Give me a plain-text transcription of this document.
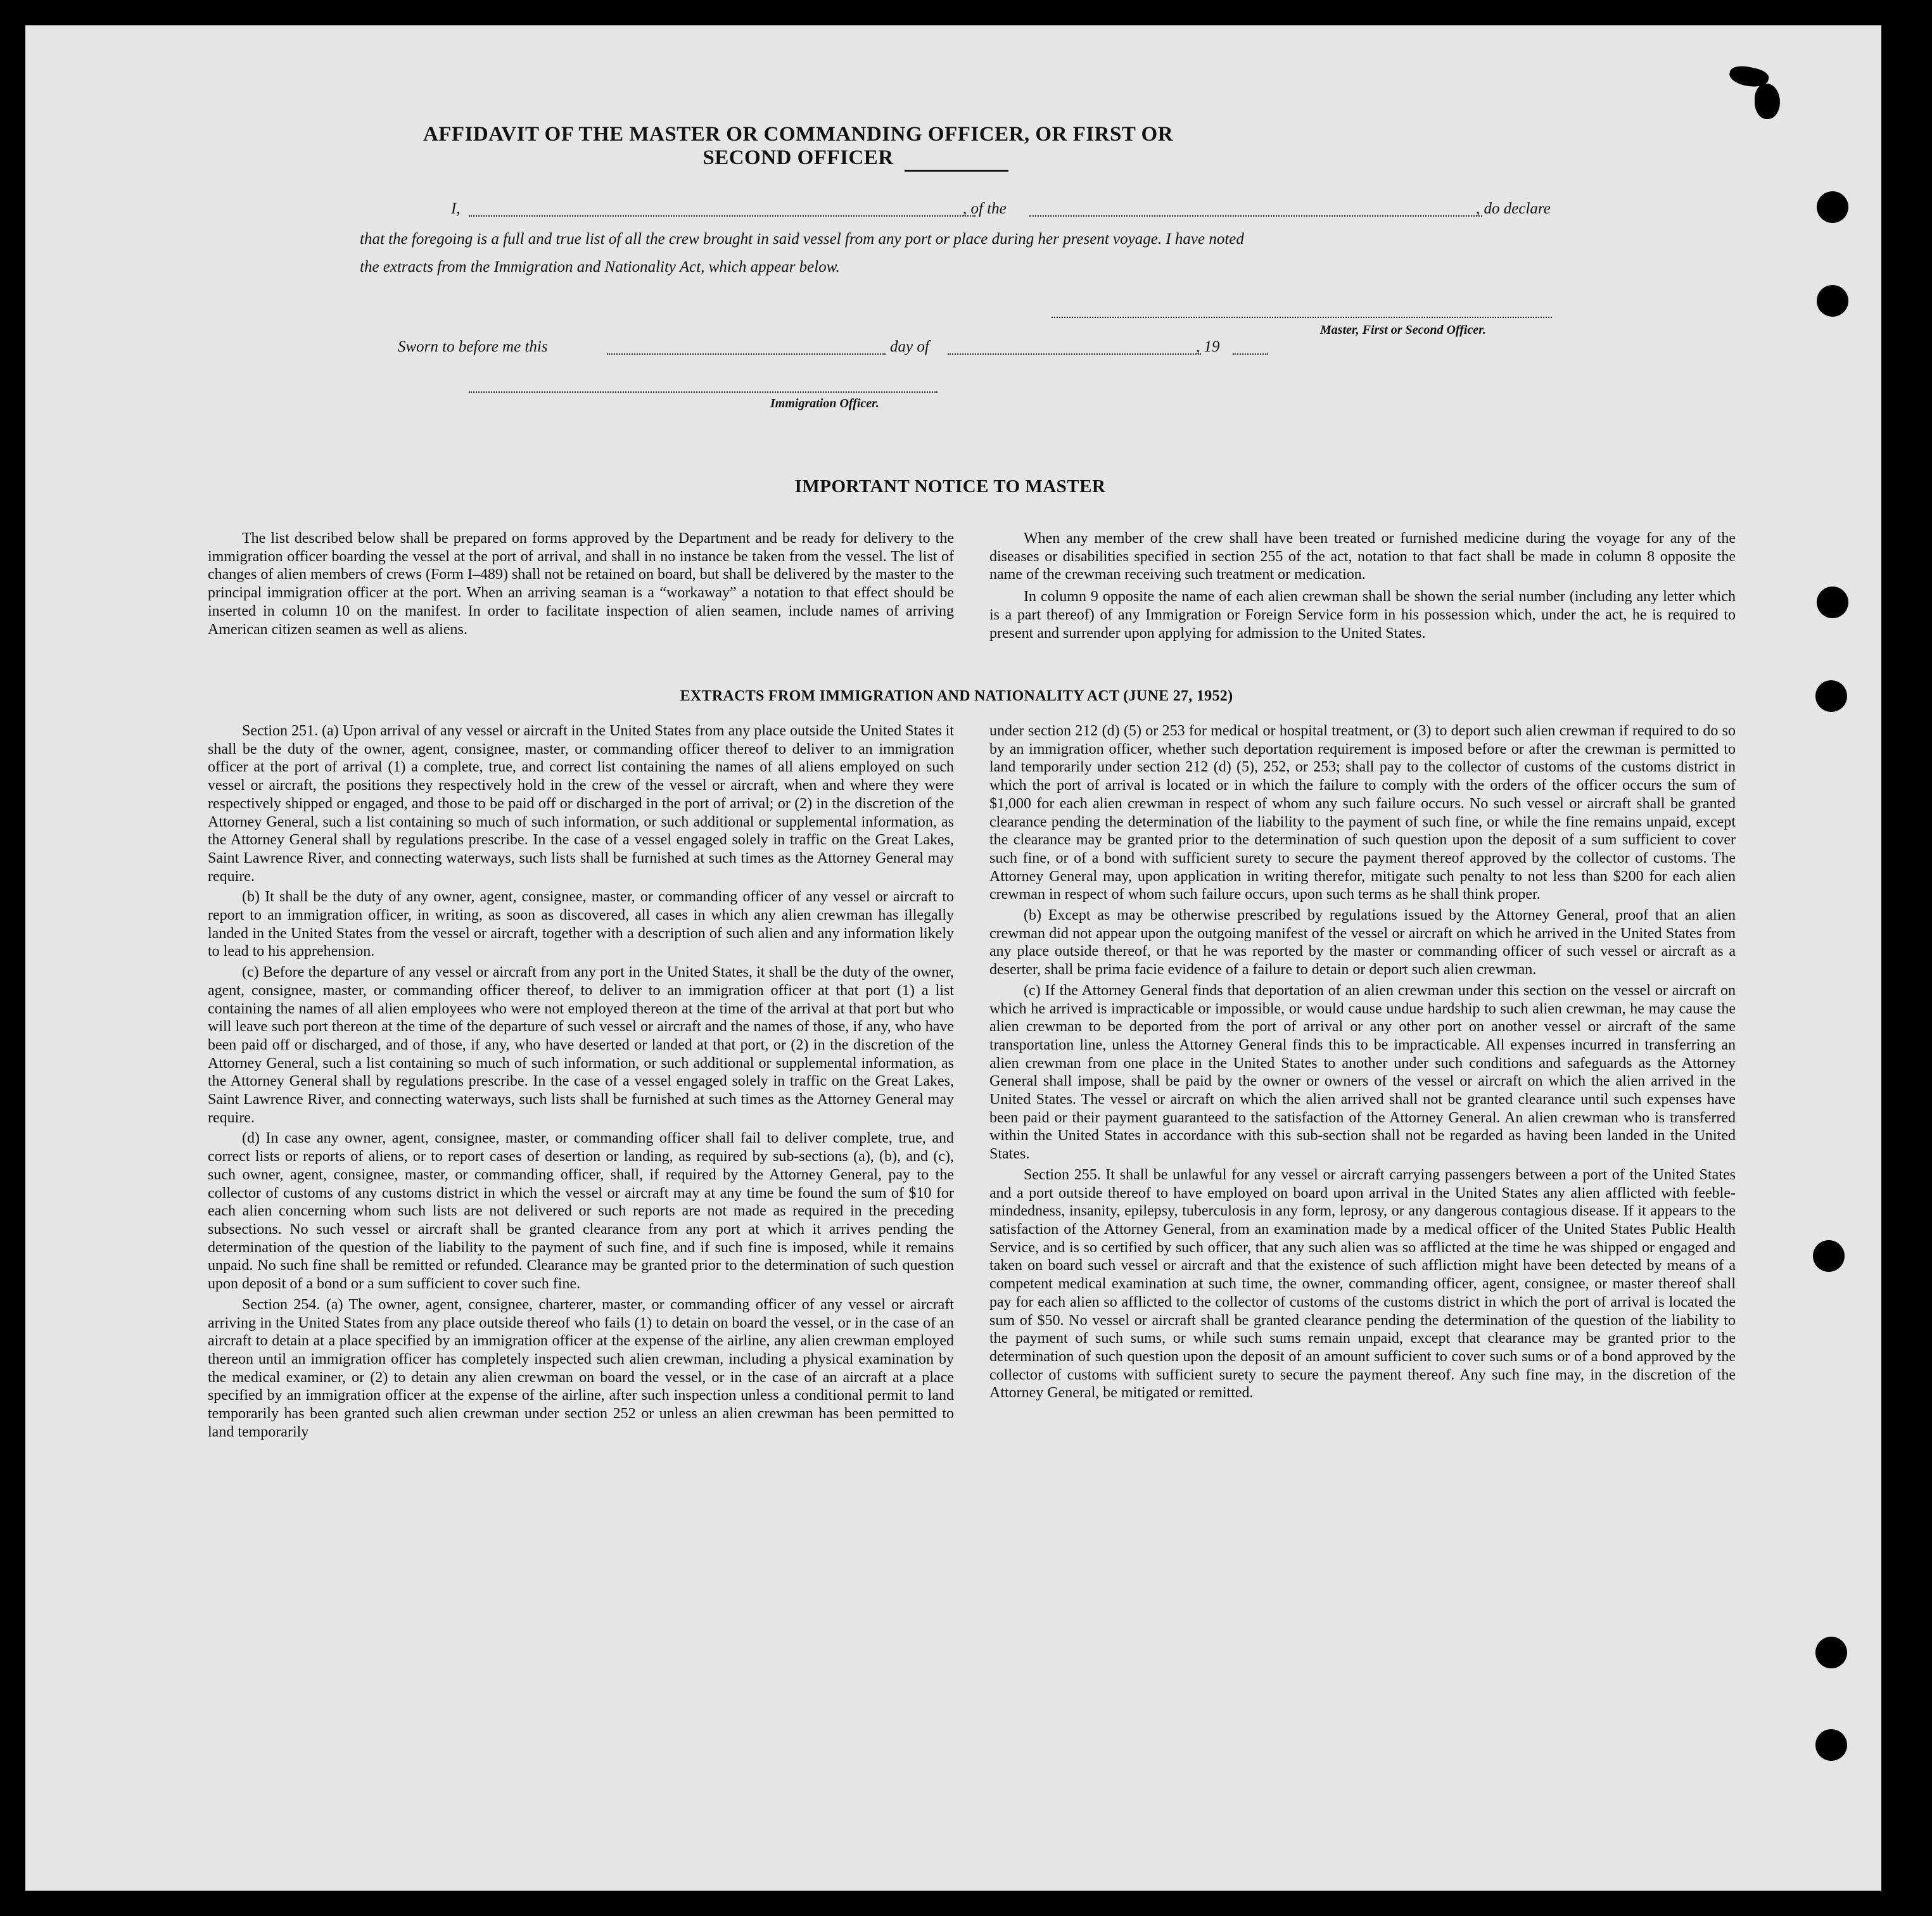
AFFIDAVIT OF THE MASTER OR COMMANDING OFFICER, OR FIRST OR SECOND OFFICER
I,	, of the	, do declare
that the foregoing is a full and true list of all the crew brought in said vessel from any port or place during her present voyage. I have noted
the extracts from the Immigration and Nationality Act, which appear below.
Master, First or Second Officer.
Sworn to before me this	day of	, 19
Immigration Officer.
IMPORTANT NOTICE TO MASTER

The list described below shall be prepared on forms approved by the Department and be ready for delivery to the immigration officer boarding the vessel at the port of arrival, and shall in no instance be taken from the vessel. The list of changes of alien members of crews (Form I–489) shall not be retained on board, but shall be delivered by the master to the principal immigration officer at the port. When an arriving seaman is a “workaway” a notation to that effect should be inserted in column 10 on the manifest. In order to facilitate inspection of alien seamen, include names of arriving American citizen seamen as well as aliens.

When any member of the crew shall have been treated or furnished medicine during the voyage for any of the diseases or disabilities specified in section 255 of the act, notation to that fact shall be made in column 8 opposite the name of the crewman receiving such treatment or medication.

In column 9 opposite the name of each alien crewman shall be shown the serial number (including any letter which is a part thereof) of any Immigration or Foreign Service form in his possession which, under the act, he is required to present and surrender upon applying for admission to the United States.

EXTRACTS FROM IMMIGRATION AND NATIONALITY ACT (JUNE 27, 1952)

Section 251. (a) Upon arrival of any vessel or aircraft in the United States from any place outside the United States it shall be the duty of the owner, agent, consignee, master, or commanding officer thereof to deliver to an immigration officer at the port of arrival (1) a complete, true, and correct list containing the names of all aliens employed on such vessel or aircraft, the positions they respectively hold in the crew of the vessel or aircraft, when and where they were respectively shipped or engaged, and those to be paid off or discharged in the port of arrival; or (2) in the discretion of the Attorney General, such a list containing so much of such information, or such additional or supplemental information, as the Attorney General shall by regulations prescribe. In the case of a vessel engaged solely in traffic on the Great Lakes, Saint Lawrence River, and connecting waterways, such lists shall be furnished at such times as the Attorney General may require.

(b) It shall be the duty of any owner, agent, consignee, master, or commanding officer of any vessel or aircraft to report to an immigration officer, in writing, as soon as discovered, all cases in which any alien crewman has illegally landed in the United States from the vessel or aircraft, together with a description of such alien and any information likely to lead to his apprehension.

(c) Before the departure of any vessel or aircraft from any port in the United States, it shall be the duty of the owner, agent, consignee, master, or commanding officer thereof, to deliver to an immigration officer at that port (1) a list containing the names of all alien employees who were not employed thereon at the time of the arrival at that port but who will leave such port thereon at the time of the departure of such vessel or aircraft and the names of those, if any, who have been paid off or discharged, and of those, if any, who have deserted or landed at that port, or (2) in the discretion of the Attorney General, such a list containing so much of such information, or such additional or supplemental information, as the Attorney General shall by regulations prescribe. In the case of a vessel engaged solely in traffic on the Great Lakes, Saint Lawrence River, and connecting waterways, such lists shall be furnished at such times as the Attorney General may require.

(d) In case any owner, agent, consignee, master, or commanding officer shall fail to deliver complete, true, and correct lists or reports of aliens, or to report cases of desertion or landing, as required by sub-sections (a), (b), and (c), such owner, agent, consignee, master, or commanding officer, shall, if required by the Attorney General, pay to the collector of customs of any customs district in which the vessel or aircraft may at any time be found the sum of $10 for each alien concerning whom such lists are not delivered or such reports are not made as required in the preceding subsections. No such vessel or aircraft shall be granted clearance from any port at which it arrives pending the determination of the question of the liability to the payment of such fine, and if such fine is imposed, while it remains unpaid. No such fine shall be remitted or refunded. Clearance may be granted prior to the determination of such question upon deposit of a bond or a sum sufficient to cover such fine.

Section 254. (a) The owner, agent, consignee, charterer, master, or commanding officer of any vessel or aircraft arriving in the United States from any place outside thereof who fails (1) to detain on board the vessel, or in the case of an aircraft to detain at a place specified by an immigration officer at the expense of the airline, any alien crewman employed thereon until an immigration officer has completely inspected such alien crewman, including a physical examination by the medical examiner, or (2) to detain any alien crewman on board the vessel, or in the case of an aircraft at a place specified by an immigration officer at the expense of the airline, after such inspection unless a conditional permit to land temporarily has been granted such alien crewman under section 252 or unless an alien crewman has been permitted to land temporarily

under section 212 (d) (5) or 253 for medical or hospital treatment, or (3) to deport such alien crewman if required to do so by an immigration officer, whether such deportation requirement is imposed before or after the crewman is permitted to land temporarily under section 212 (d) (5), 252, or 253; shall pay to the collector of customs of the customs district in which the port of arrival is located or in which the failure to comply with the orders of the officer occurs the sum of $1,000 for each alien crewman in respect of whom any such failure occurs. No such vessel or aircraft shall be granted clearance pending the determination of the liability to the payment of such fine, or while the fine remains unpaid, except the clearance may be granted prior to the determination of such question upon the deposit of a sum sufficient to cover such fine, or of a bond with sufficient surety to secure the payment thereof approved by the collector of customs. The Attorney General may, upon application in writing therefor, mitigate such penalty to not less than $200 for each alien crewman in respect of whom such failure occurs, upon such terms as he shall think proper.

(b) Except as may be otherwise prescribed by regulations issued by the Attorney General, proof that an alien crewman did not appear upon the outgoing manifest of the vessel or aircraft on which he arrived in the United States from any place outside thereof, or that he was reported by the master or commanding officer of such vessel or aircraft as a deserter, shall be prima facie evidence of a failure to detain or deport such alien crewman.

(c) If the Attorney General finds that deportation of an alien crewman under this section on the vessel or aircraft on which he arrived is impracticable or impossible, or would cause undue hardship to such alien crewman, he may cause the alien crewman to be deported from the port of arrival or any other port on another vessel or aircraft of the same transportation line, unless the Attorney General finds this to be impracticable. All expenses incurred in transferring an alien crewman from one place in the United States to another under such conditions and safeguards as the Attorney General shall impose, shall be paid by the owner or owners of the vessel or aircraft on which the alien arrived in the United States. The vessel or aircraft on which the alien arrived shall not be granted clearance until such expenses have been paid or their payment guaranteed to the satisfaction of the Attorney General. An alien crewman who is transferred within the United States in accordance with this sub-section shall not be regarded as having been landed in the United States.

Section 255. It shall be unlawful for any vessel or aircraft carrying passengers between a port of the United States and a port outside thereof to have employed on board upon arrival in the United States any alien afflicted with feeble-mindedness, insanity, epilepsy, tuberculosis in any form, leprosy, or any dangerous contagious disease. If it appears to the satisfaction of the Attorney General, from an examination made by a medical officer of the United States Public Health Service, and is so certified by such officer, that any such alien was so afflicted at the time he was shipped or engaged and taken on board such vessel or aircraft and that the existence of such affliction might have been detected by means of a competent medical examination at such time, the owner, commanding officer, agent, consignee, or master thereof shall pay for each alien so afflicted to the collector of customs of the customs district in which the port of arrival is located the sum of $50. No vessel or aircraft shall be granted clearance pending the determination of the question of the liability to the payment of such sums, or while such sums remain unpaid, except that clearance may be granted prior to the determination of such question upon the deposit of an amount sufficient to cover such sums or of a bond approved by the collector of customs with sufficient surety to secure the payment thereof. Any such fine may, in the discretion of the Attorney General, be mitigated or remitted.
